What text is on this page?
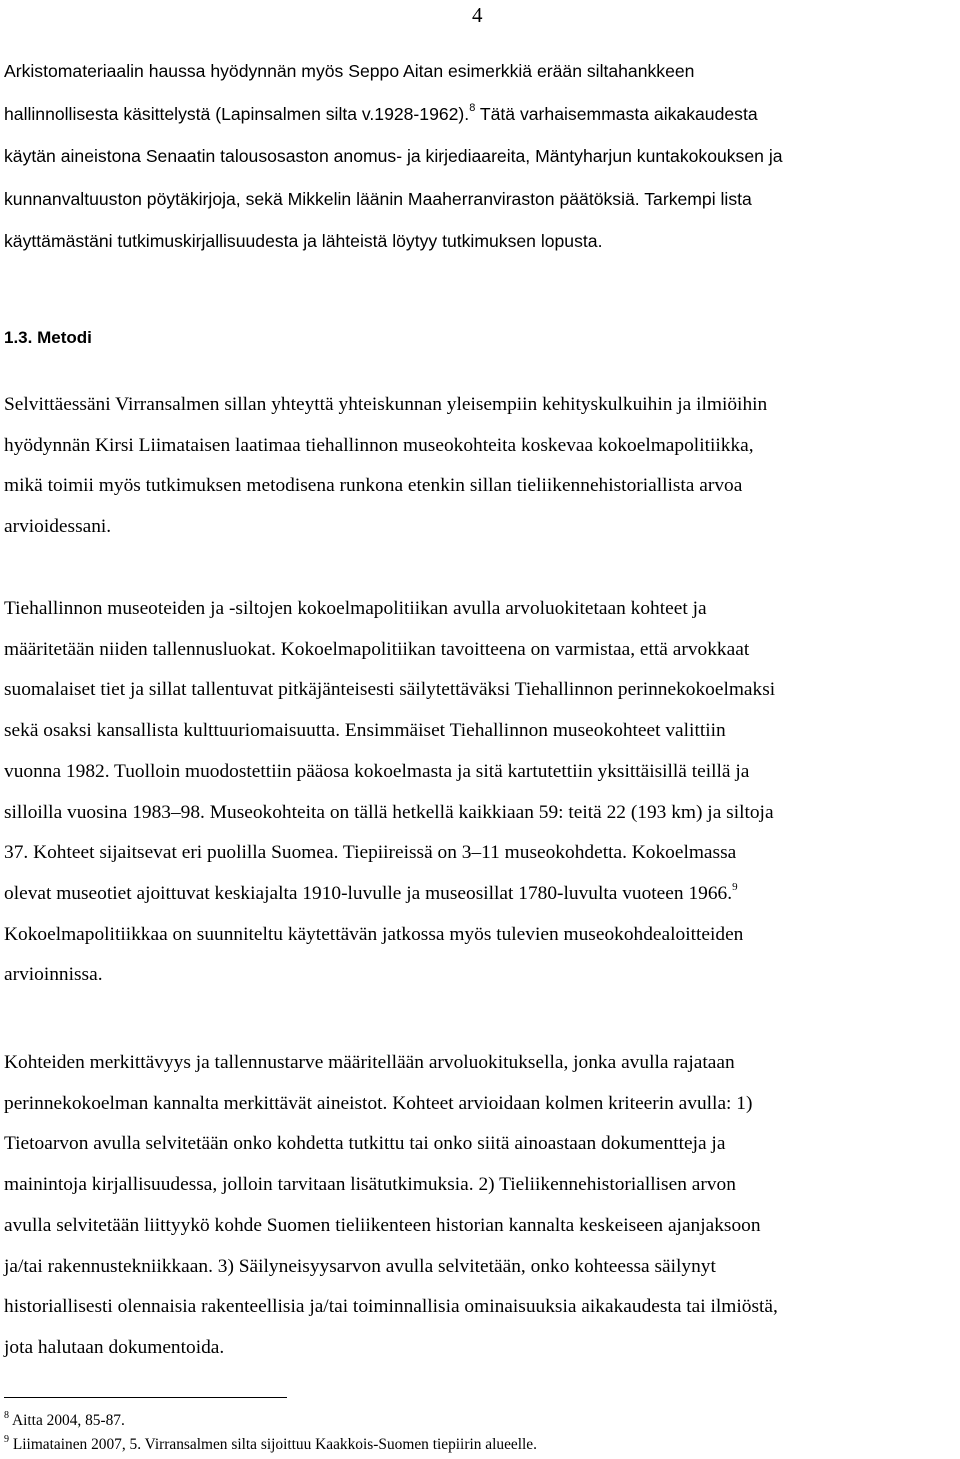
4

Arkistomateriaalin haussa hyödynnän myös Seppo Aitan esimerkkiä erään siltahankkeen
hallinnollisesta käsittelystä (Lapinsalmen silta v.1928-1962).$^8$ Tätä varhaisemmasta aikakaudesta
käytän aineistona Senaatin talousosaston anomus- ja kirjediaareita, Mäntyharjun kuntakokouksen ja
kunnanvaltuuston pöytäkirjoja, sekä Mikkelin läänin Maaherranviraston päätöksiä. Tarkempi lista
käyttämästäni tutkimuskirjallisuudesta ja lähteistä löytyy tutkimuksen lopusta.

1.3. Metodi

Selvittäessäni Virransalmen sillan yhteyttä yhteiskunnan yleisempiin kehityskulkuihin ja ilmiöihin
hyödynnän Kirsi Liimataisen laatimaa tiehallinnon museokohteita koskevaa kokoelmapolitiikka,
mikä toimii myös tutkimuksen metodisena runkona etenkin sillan tieliikennehistoriallista arvoa
arvioidessani.

Tiehallinnon museoteiden ja -siltojen kokoelmapolitiikan avulla arvoluokitetaan kohteet ja
määritetään niiden tallennusluokat. Kokoelmapolitiikan tavoitteena on varmistaa, että arvokkaat
suomalaiset tiet ja sillat tallentuvat pitkäjänteisesti säilytettäväksi Tiehallinnon perinnekokoelmaksi
sekä osaksi kansallista kulttuuriomaisuutta. Ensimmäiset Tiehallinnon museokohteet valittiin
vuonna 1982. Tuolloin muodostettiin pääosa kokoelmasta ja sitä kartutettiin yksittäisillä teillä ja
silloilla vuosina 1983–98. Museokohteita on tällä hetkellä kaikkiaan 59: teitä 22 (193 km) ja siltoja
37. Kohteet sijaitsevat eri puolilla Suomea. Tiepiireissä on 3–11 museokohdetta. Kokoelmassa
olevat museotiet ajoittuvat keskiajalta 1910-luvulle ja museosillat 1780-luvulta vuoteen 1966.$^9$
Kokoelmapolitiikkaa on suunniteltu käytettävän jatkossa myös tulevien museokohdealoitteiden
arvioinnissa.

Kohteiden merkittävyys ja tallennustarve määritellään arvoluokituksella, jonka avulla rajataan
perinnekokoelman kannalta merkittävät aineistot. Kohteet arvioidaan kolmen kriteerin avulla: 1)
Tietoarvon avulla selvitetään onko kohdetta tutkittu tai onko siitä ainoastaan dokumentteja ja
mainintoja kirjallisuudessa, jolloin tarvitaan lisätutkimuksia. 2) Tieliikennehistoriallisen arvon
avulla selvitetään liittyykö kohde Suomen tieliikenteen historian kannalta keskeiseen ajanjaksoon
ja/tai rakennustekniikkaan. 3) Säilyneisyysarvon avulla selvitetään, onko kohteessa säilynyt
historiallisesti olennaisia rakenteellisia ja/tai toiminnallisia ominaisuuksia aikakaudesta tai ilmiöstä,
jota halutaan dokumentoida.

$^8$ Aitta 2004, 85-87.
$^9$ Liimatainen 2007, 5. Virransalmen silta sijoittuu Kaakkois-Suomen tiepiirin alueelle.
